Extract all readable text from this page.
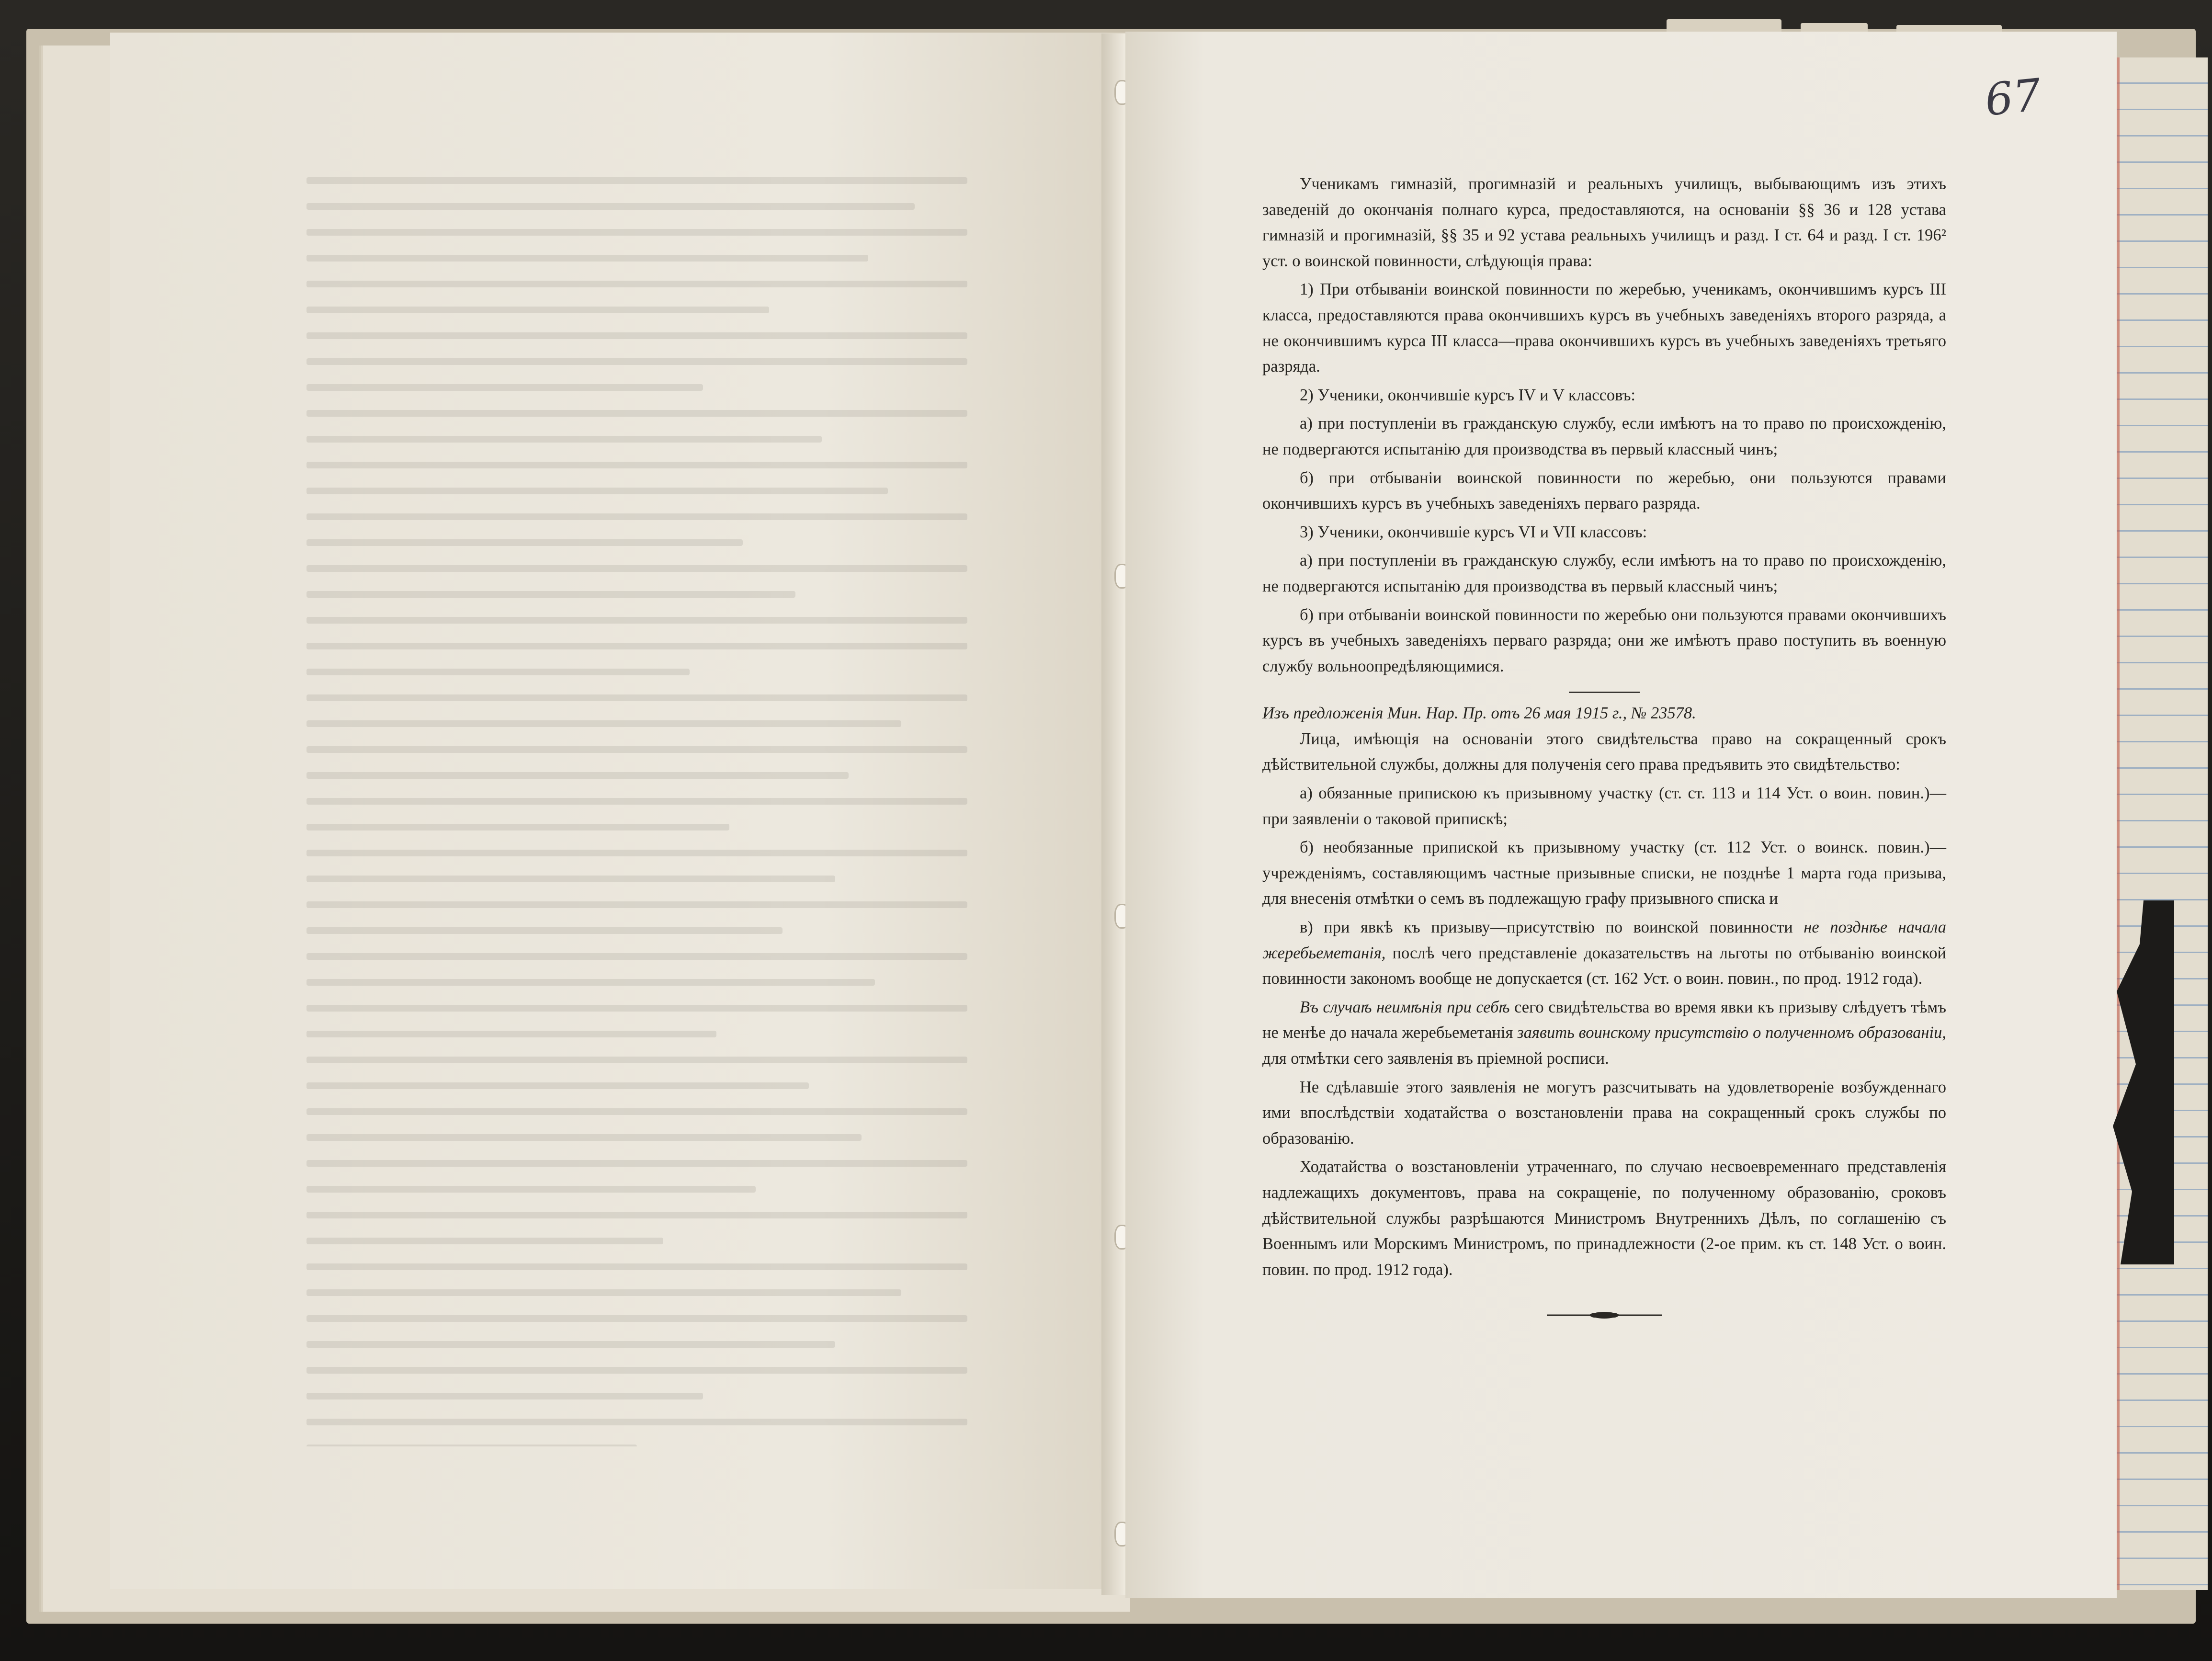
67

Ученикамъ гимназій, прогимназій и реальныхъ училищъ, выбывающимъ изъ этихъ заведеній до окончанія полнаго курса, предоставляются, на основаніи §§ 36 и 128 устава гимназій и прогимназій, §§ 35 и 92 устава реальныхъ училищъ и разд. I ст. 64 и разд. I ст. 196² уст. о воинской повинности, слѣдующія права:

1) При отбываніи воинской повинности по жеребью, ученикамъ, окончившимъ курсъ III класса, предоставляются права окончившихъ курсъ въ учебныхъ заведеніяхъ второго разряда, а не окончившимъ курса III класса—права окончившихъ курсъ въ учебныхъ заведеніяхъ третьяго разряда.

2) Ученики, окончившіе курсъ IV и V классовъ:

а) при поступленіи въ гражданскую службу, если имѣютъ на то право по происхожденію, не подвергаются испытанію для производства въ первый классный чинъ;

б) при отбываніи воинской повинности по жеребью, они пользуются правами окончившихъ курсъ въ учебныхъ заведеніяхъ перваго разряда.

3) Ученики, окончившіе курсъ VI и VII классовъ:

а) при поступленіи въ гражданскую службу, если имѣютъ на то право по происхожденію, не подвергаются испытанію для производства въ первый классный чинъ;

б) при отбываніи воинской повинности по жеребью они пользуются правами окончившихъ курсъ въ учебныхъ заведеніяхъ перваго разряда; они же имѣютъ право поступить въ военную службу вольноопредѣляющимися.

Изъ предложенія Мин. Нар. Пр. отъ 26 мая 1915 г., № 23578.

Лица, имѣющія на основаніи этого свидѣтельства право на сокращенный срокъ дѣйствительной службы, должны для полученія сего права предъявить это свидѣтельство:

а) обязанные припискою къ призывному участку (ст. ст. 113 и 114 Уст. о воин. повин.)—при заявленіи о таковой припискѣ;

б) необязанные припиской къ призывному участку (ст. 112 Уст. о воинск. повин.)—учрежденіямъ, составляющимъ частные призывные списки, не позднѣе 1 марта года призыва, для внесенія отмѣтки о семъ въ подлежащую графу призывного списка и

в) при явкѣ къ призыву—присутствію по воинской повинности не позднѣе начала жеребьеметанія, послѣ чего представленіе доказательствъ на льготы по отбыванію воинской повинности закономъ вообще не допускается (ст. 162 Уст. о воин. повин., по прод. 1912 года).

Въ случаѣ неимѣнія при себѣ сего свидѣтельства во время явки къ призыву слѣдуетъ тѣмъ не менѣе до начала жеребьеметанія заявить воинскому присутствію о полученномъ образованіи, для отмѣтки сего заявленія въ пріемной росписи.

Не сдѣлавшіе этого заявленія не могутъ разсчитывать на удовлетвореніе возбужденнаго ими впослѣдствіи ходатайства о возстановленіи права на сокращенный срокъ службы по образованію.

Ходатайства о возстановленіи утраченнаго, по случаю несвоевременнаго представленія надлежащихъ документовъ, права на сокращеніе, по полученному образованію, сроковъ дѣйствительной службы разрѣшаются Министромъ Внутреннихъ Дѣлъ, по соглашенію съ Военнымъ или Морскимъ Министромъ, по принадлежности (2-ое прим. къ ст. 148 Уст. о воин. повин. по прод. 1912 года).
